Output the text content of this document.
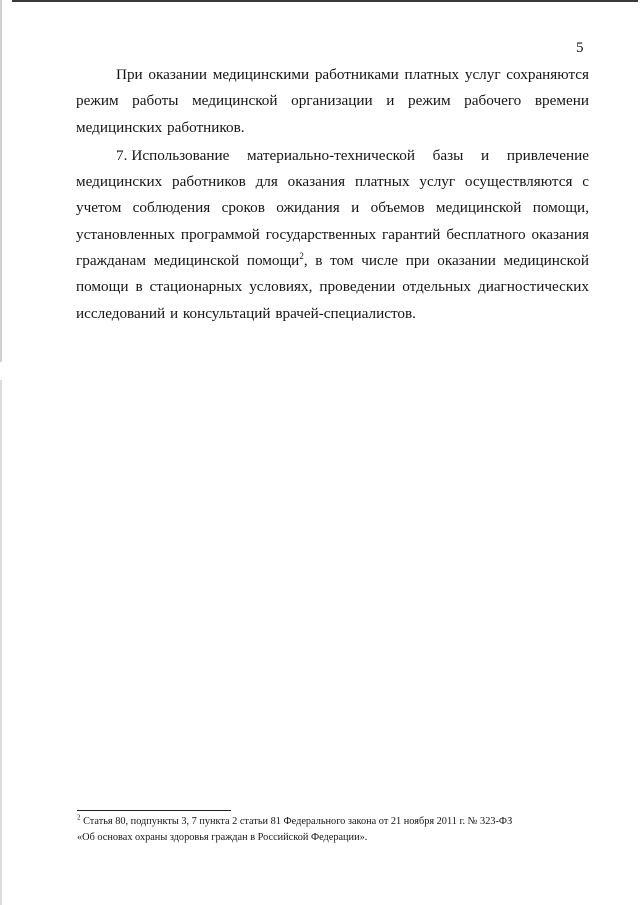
5

При оказании медицинскими работниками платных услуг сохраняются режим работы медицинской организации и режим рабочего времени медицинских работников.

7. Использование материально-технической базы и привлечение медицинских работников для оказания платных услуг осуществляются с учетом соблюдения сроков ожидания и объемов медицинской помощи, установленных программой государственных гарантий бесплатного оказания гражданам медицинской помощи$^2$, в том числе при оказании медицинской помощи в стационарных условиях, проведении отдельных диагностических исследований и консультаций врачей-специалистов.

$^2$ Статья 80, подпункты 3, 7 пункта 2 статьи 81 Федерального закона от 21 ноября 2011 г. № 323-ФЗ
«Об основах охраны здоровья граждан в Российской Федерации».
